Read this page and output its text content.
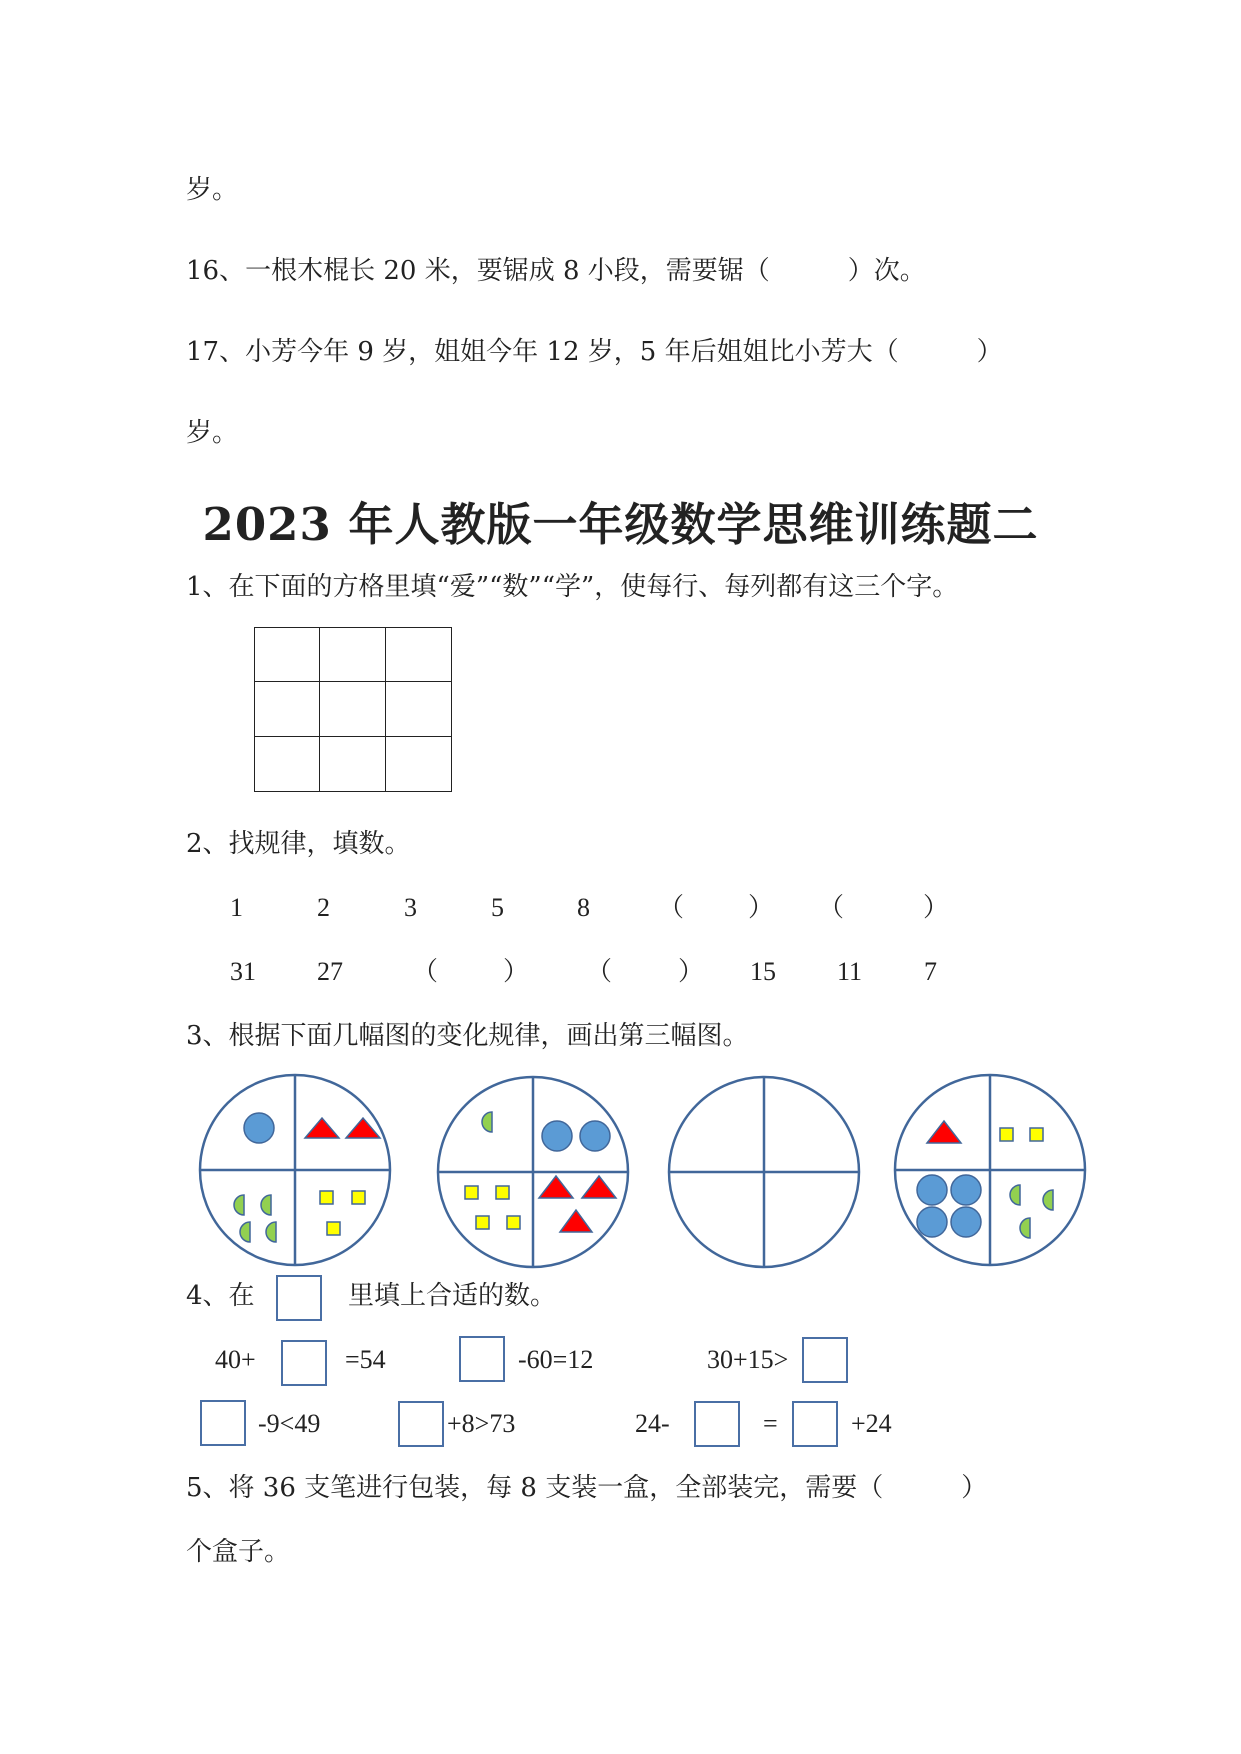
岁。
16、一根木棍长 20 米，要锯成 8 小段，需要锯（　　　）次。
17、小芳今年 9 岁，姐姐今年 12 岁，5 年后姐姐比小芳大（　　　）
岁。
2023 年人教版一年级数学思维训练题二
1、在下面的方格里填“爱”“数”“学”，使每行、每列都有这三个字。
2、找规律，填数。
1	2	3	5	8	（ ） （	）
31 27	（ ） （	） 15 11 7
3、根据下面几幅图的变化规律，画出第三幅图。
4、在	里填上合适的数。
40+	=54	-60=12	30+15>
-9<49	+8>73	24-	=	+24
5、将 36 支笔进行包装，每 8 支装一盒，全部装完，需要（　　　）
个盒子。
